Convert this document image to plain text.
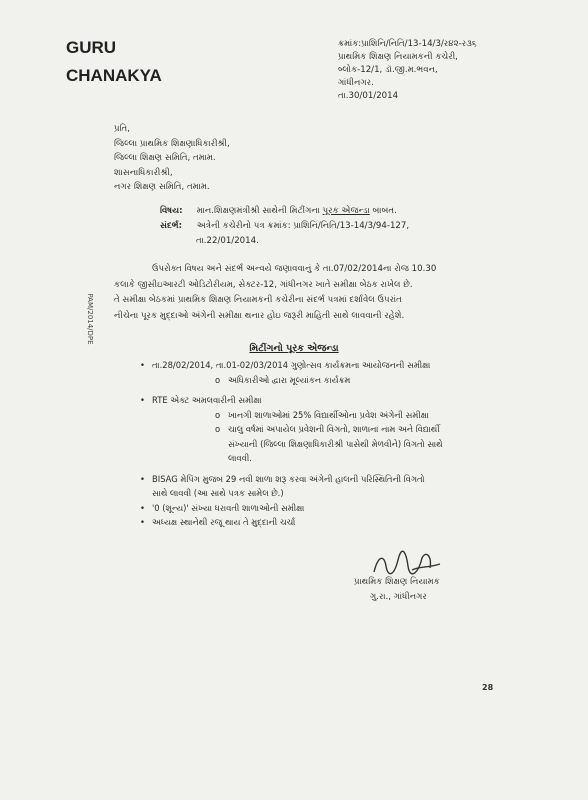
GURU
CHANAKYA
ક્રમાંક:પ્રાશિનિ/નિતિ/13-14/3/ર૪૨-ર૩૬
પ્રાથમિક શિક્ષણ નિયામકની કચેરી,
બ્લોક-12/1, ડૉ.જી.મ.ભવન,
ગાંધીનગર.
તા.30/01/2014
પ્રતિ,
જિલ્લા પ્રાથમિક શિક્ષણાધિકારીશ્રી,
જિલ્લા શિક્ષણ સમિતિ, તમામ.
શાસનાધિકારીશ્રી,
નગર શિક્ષણ સમિતિ, તમામ.
PAM/2014/DPE
વિષય: માન.શિક્ષણમંત્રીશ્રી સાથેની મિટીંગના પૂરક એજન્ડા બાબત.
સંદર્ભ: અત્રેની કચેરીનો પત્ર ક્રમાંક: પ્રાશિનિ/નિતિ/13-14/3/94-127,
તા.22/01/2014.
ઉપરોક્ત વિષય અને સંદર્ભ અન્વયે જણાવવાનું કે તા.07/02/2014ના રોજ 10.30
કલાકે જીસીઇઆરટી ઓડિટોરીયમ, સેક્ટર-12, ગાંધીનગર ખાતે સમીક્ષા બેઠક રાખેલ છે.
તે સમીક્ષા બેઠકમાં પ્રાથમિક શિક્ષણ નિયામકની કચેરીના સંદર્ભ પત્રમાં દર્શાવેલ ઉપરાંત
નીચેના પૂરક મુદ્દાઓ અંગેની સમીક્ષા થનાર હોઇ જરૂરી માહિતી સાથે લાવવાની રહેશે.
મિટીંગનો પૂરક એજન્ડા
• તા.28/02/2014, તા.01-02/03/2014 ગુણોત્સવ કાર્યક્રમના આયોજનની સમીક્ષા
o અધિકારીઓ દ્વારા મૂલ્યાંકન કાર્યક્રમ
• RTE એક્ટ અમલવારીની સમીક્ષા
o ખાનગી શાળાઓમાં 25% વિદ્યાર્થીઓના પ્રવેશ અંગેની સમીક્ષા
o ચાલુ વર્ષમાં અપાયેલ પ્રવેશની વિગતો, શાળાના નામ અને વિદ્યાર્થી
સંખ્યાની (જિલ્લા શિક્ષણાધિકારીશ્રી પાસેથી મેળવીને) વિગતો સાથે
લાવવી.
• BISAG મેપિંગ મુજબ 29 નવી શાળા શરૂ કરવા અંગેની હાલની પરિસ્થિતિની વિગતો
સાથે લાવવી (આ સાથે પત્રક સામેલ છે.)
• '0 (શૂન્ય)' સંખ્યા ધરાવતી શાળાઓની સમીક્ષા
• અધ્યક્ષ સ્થાનેથી રજૂ થાય તે મુદ્દાની ચર્ચા
પ્રાથમિક શિક્ષણ નિયામક
ગુ.રા., ગાંધીનગર
28
